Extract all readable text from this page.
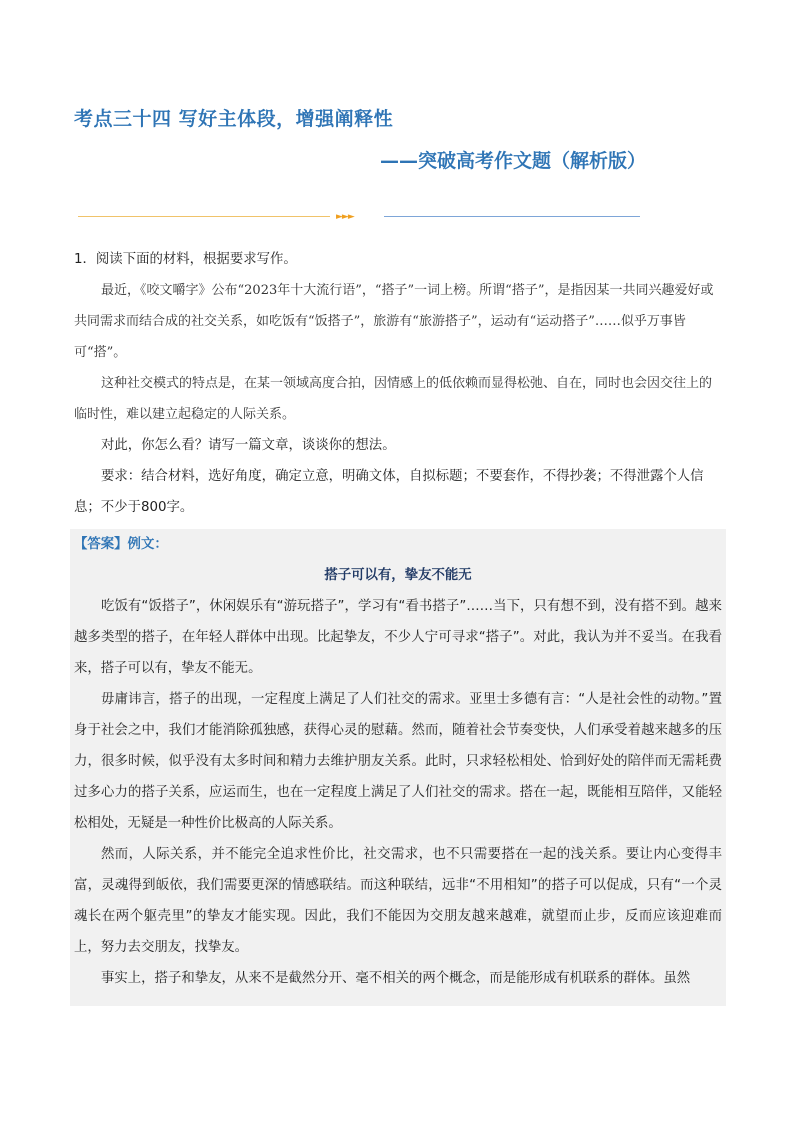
考点三十四 写好主体段，增强阐释性
——突破高考作文题（解析版）
►►►

1．阅读下面的材料，根据要求写作。

最近，《咬文嚼字》公布“2023年十大流行语”，“搭子”一词上榜。所谓“搭子”，是指因某一共同兴趣爱好或共同需求而结合成的社交关系，如吃饭有“饭搭子”，旅游有“旅游搭子”，运动有“运动搭子”……似乎万事皆可“搭”。

这种社交模式的特点是，在某一领域高度合拍，因情感上的低依赖而显得松弛、自在，同时也会因交往上的临时性，难以建立起稳定的人际关系。

对此，你怎么看？请写一篇文章，谈谈你的想法。

要求：结合材料，选好角度，确定立意，明确文体，自拟标题；不要套作，不得抄袭；不得泄露个人信息；不少于800字。

【答案】例文：

搭子可以有，挚友不能无

吃饭有“饭搭子”，休闲娱乐有“游玩搭子”，学习有“看书搭子”……当下，只有想不到，没有搭不到。越来越多类型的搭子，在年轻人群体中出现。比起挚友，不少人宁可寻求“搭子”。对此，我认为并不妥当。在我看来，搭子可以有，挚友不能无。

毋庸讳言，搭子的出现，一定程度上满足了人们社交的需求。亚里士多德有言：“人是社会性的动物。”置身于社会之中，我们才能消除孤独感，获得心灵的慰藉。然而，随着社会节奏变快，人们承受着越来越多的压力，很多时候，似乎没有太多时间和精力去维护朋友关系。此时，只求轻松相处、恰到好处的陪伴而无需耗费过多心力的搭子关系，应运而生，也在一定程度上满足了人们社交的需求。搭在一起，既能相互陪伴，又能轻松相处，无疑是一种性价比极高的人际关系。

然而，人际关系，并不能完全追求性价比，社交需求，也不只需要搭在一起的浅关系。要让内心变得丰富，灵魂得到皈依，我们需要更深的情感联结。而这种联结，远非“不用相知”的搭子可以促成，只有“一个灵魂长在两个躯壳里”的挚友才能实现。因此，我们不能因为交朋友越来越难，就望而止步，反而应该迎难而上，努力去交朋友，找挚友。

事实上，搭子和挚友，从来不是截然分开、毫不相关的两个概念，而是能形成有机联系的群体。虽然
